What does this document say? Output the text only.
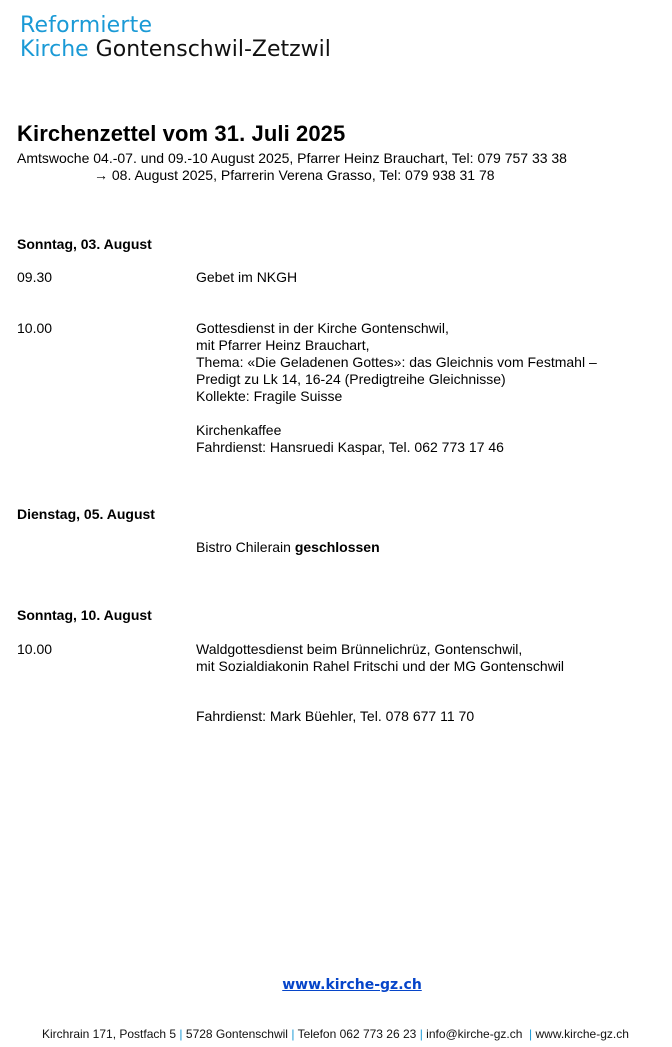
Reformierte
Kirche Gontenschwil-Zetzwil
Kirchenzettel vom 31. Juli 2025
Amtswoche 04.-07. und 09.-10 August 2025, Pfarrer Heinz Brauchart, Tel: 079 757 33 38
→ 08. August 2025, Pfarrerin Verena Grasso, Tel: 079 938 31 78
Sonntag, 03. August
09.30	Gebet im NKGH
10.00	Gottesdienst in der Kirche Gontenschwil,
mit Pfarrer Heinz Brauchart,
Thema: «Die Geladenen Gottes»: das Gleichnis vom Festmahl –
Predigt zu Lk 14, 16-24 (Predigtreihe Gleichnisse)
Kollekte: Fragile Suisse
Kirchenkaffee
Fahrdienst: Hansruedi Kaspar, Tel. 062 773 17 46
Dienstag, 05. August
Bistro Chilerain geschlossen
Sonntag, 10. August
10.00	Waldgottesdienst beim Brünnelichrüz, Gontenschwil,
mit Sozialdiakonin Rahel Fritschi und der MG Gontenschwil
Fahrdienst: Mark Büehler, Tel. 078 677 11 70
www.kirche-gz.ch
Kirchrain 171, Postfach 5 | 5728 Gontenschwil | Telefon 062 773 26 23 | info@kirche-gz.ch | www.kirche-gz.ch
